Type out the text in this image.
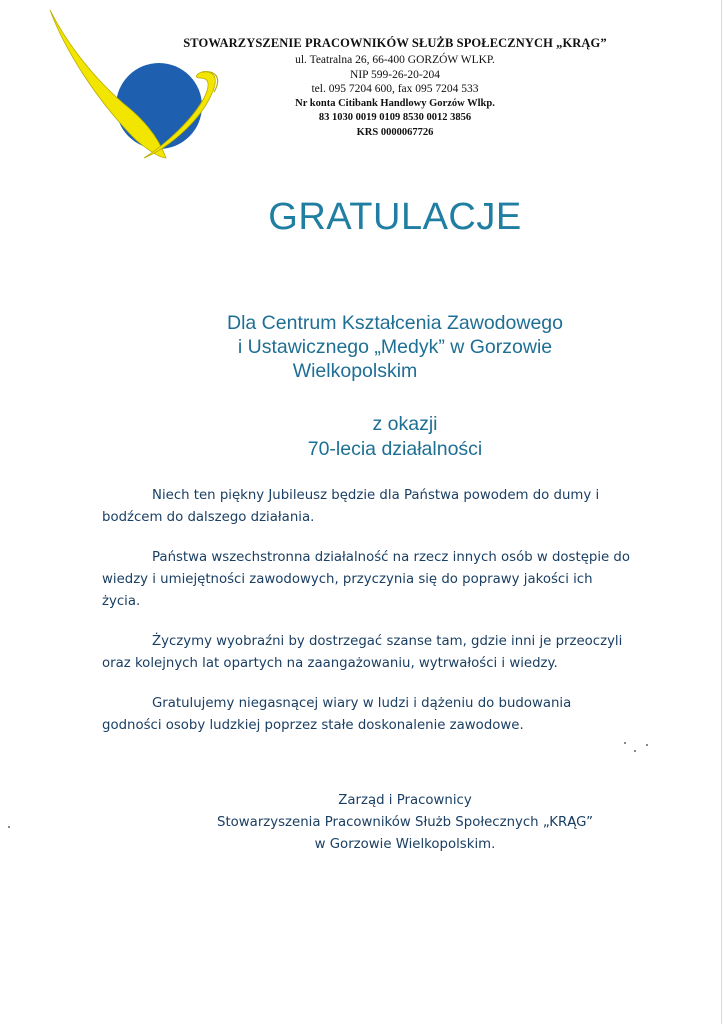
STOWARZYSZENIE PRACOWNIKÓW SŁUŻB SPOŁECZNYCH „KRĄG”
ul. Teatralna 26, 66-400 GORZÓW WLKP.
NIP 599-26-20-204
tel. 095 7204 600, fax 095 7204 533
Nr konta Citibank Handlowy Gorzów Wlkp.
83 1030 0019 0109 8530 0012 3856
KRS 0000067726
GRATULACJE
Dla Centrum Kształcenia Zawodowego
i Ustawicznego „Medyk” w Gorzowie
Wielkopolskim
z okazji
70-lecia działalności

Niech ten piękny Jubileusz będzie dla Państwa powodem do dumy i bodźcem do dalszego działania.

Państwa wszechstronna działalność na rzecz innych osób w dostępie do wiedzy i umiejętności zawodowych, przyczynia się do poprawy jakości ich życia.

Życzymy wyobraźni by dostrzegać szanse tam, gdzie inni je przeoczyli oraz kolejnych lat opartych na zaangażowaniu, wytrwałości i wiedzy.

Gratulujemy niegasnącej wiary w ludzi i dążeniu do budowania godności osoby ludzkiej poprzez stałe doskonalenie zawodowe.

Zarząd i Pracownicy
Stowarzyszenia Pracowników Służb Społecznych „KRĄG”
w Gorzowie Wielkopolskim.
